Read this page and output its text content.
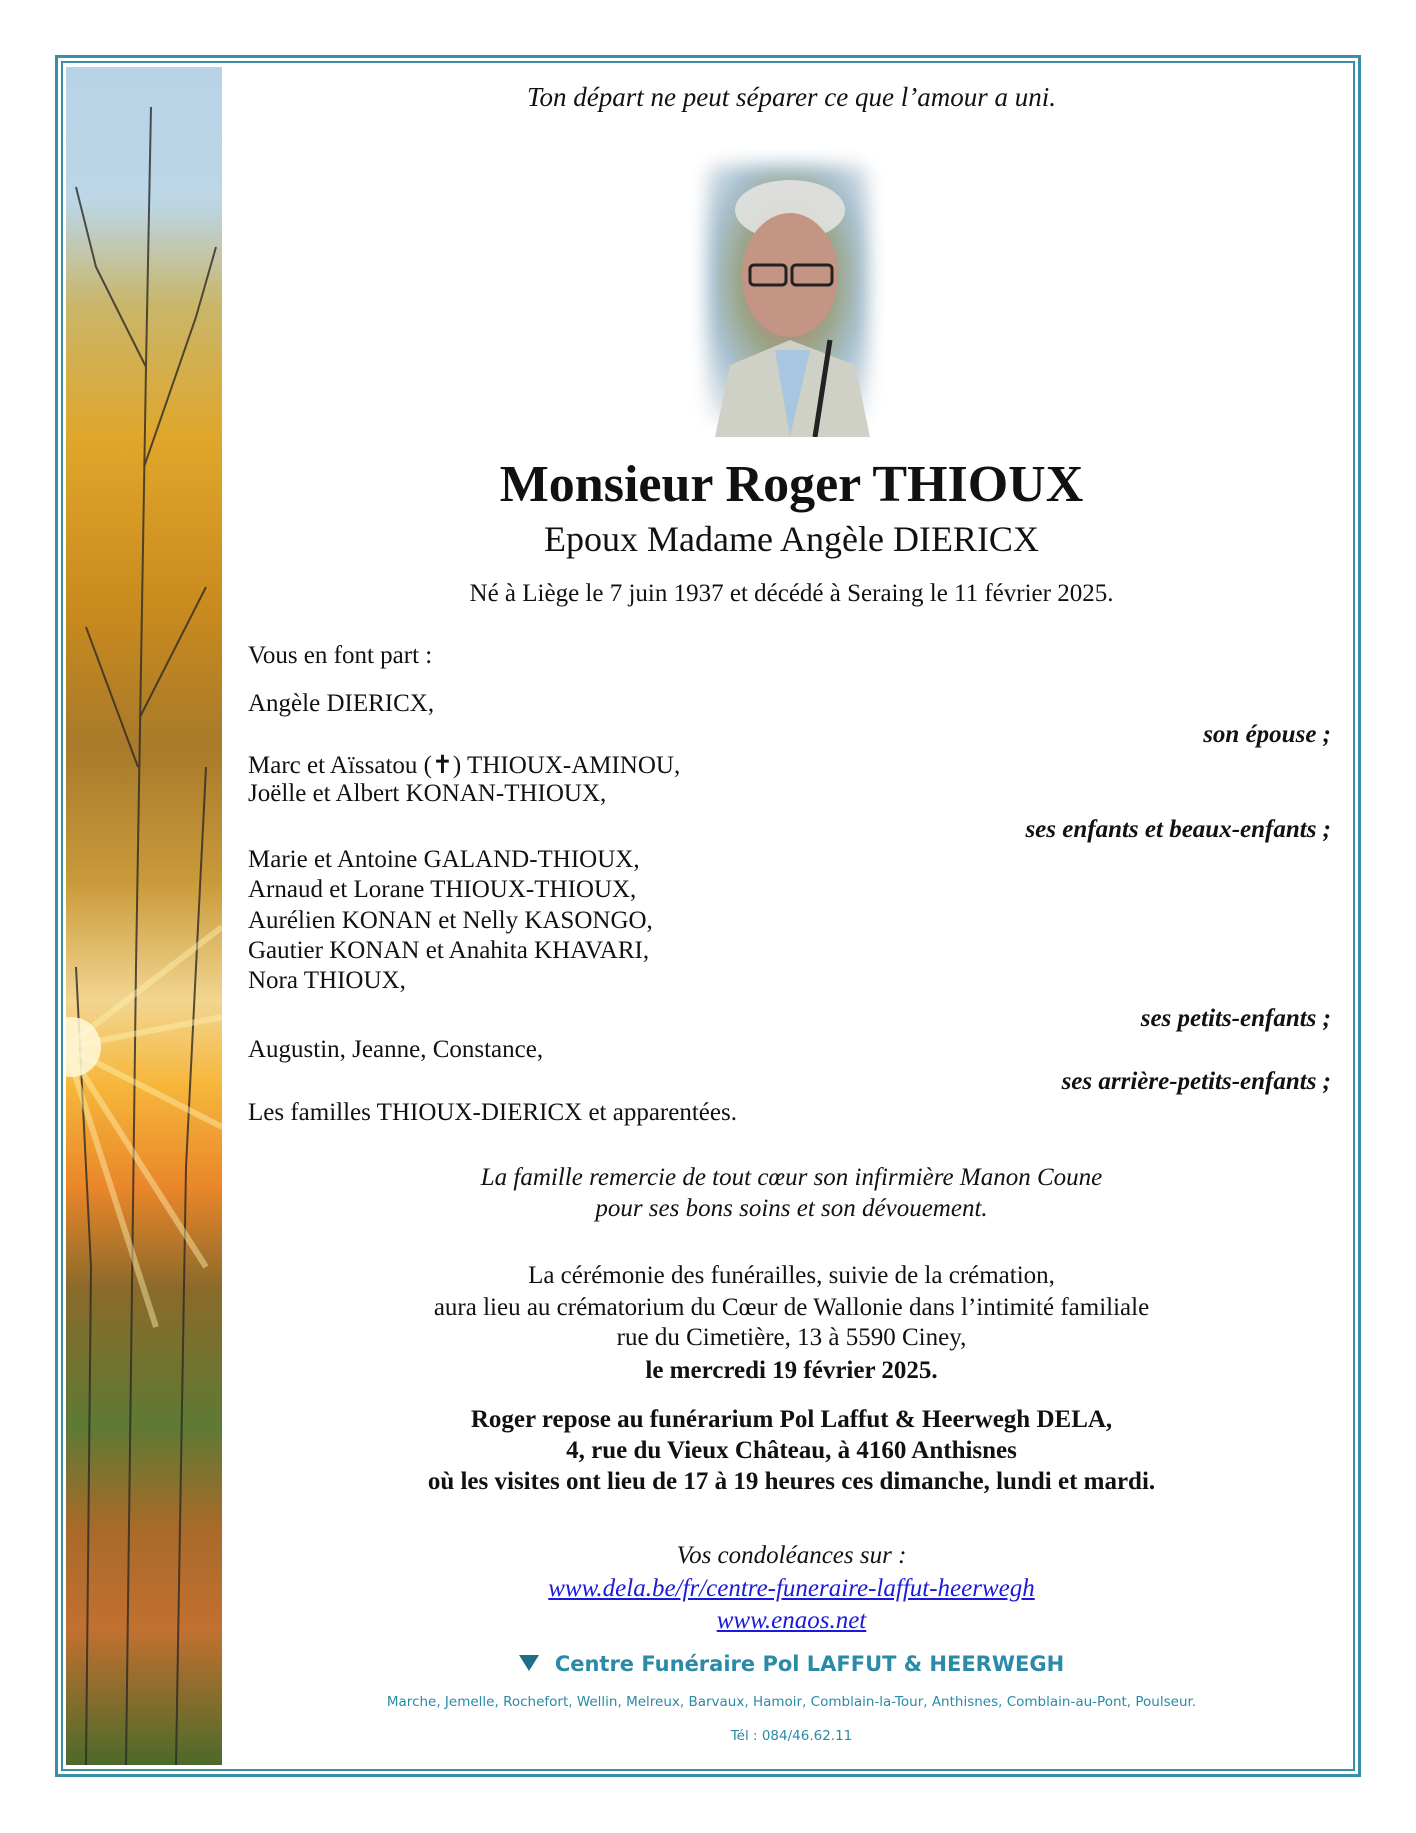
Ton départ ne peut séparer ce que l’amour a uni.
Monsieur Roger THIOUX
Epoux Madame Angèle DIERICX
Né à Liège le 7 juin 1937 et décédé à Seraing le 11 février 2025.
Vous en font part :
Angèle DIERICX,
son épouse ;
Marc et Aïssatou (✝) THIOUX-AMINOU,
Joëlle et Albert KONAN-THIOUX,
ses enfants et beaux-enfants ;
Marie et Antoine GALAND-THIOUX,
Arnaud et Lorane THIOUX-THIOUX,
Aurélien KONAN et Nelly KASONGO,
Gautier KONAN et Anahita KHAVARI,
Nora THIOUX,
ses petits-enfants ;
Augustin, Jeanne, Constance,
ses arrière-petits-enfants ;
Les familles THIOUX-DIERICX et apparentées.
La famille remercie de tout cœur son infirmière Manon Coune
pour ses bons soins et son dévouement.
La cérémonie des funérailles, suivie de la crémation,
aura lieu au crématorium du Cœur de Wallonie dans l’intimité familiale
rue du Cimetière, 13 à 5590 Ciney,
le mercredi 19 février 2025.
Roger repose au funérarium Pol Laffut & Heerwegh DELA,
4, rue du Vieux Château, à 4160 Anthisnes
où les visites ont lieu de 17 à 19 heures ces dimanche, lundi et mardi.
Vos condoléances sur :
www.dela.be/fr/centre-funeraire-laffut-heerwegh
www.enaos.net
Centre Funéraire Pol LAFFUT & HEERWEGH
Marche, Jemelle, Rochefort, Wellin, Melreux, Barvaux, Hamoir, Comblain-la-Tour, Anthisnes, Comblain-au-Pont, Poulseur.
Tél : 084/46.62.11
